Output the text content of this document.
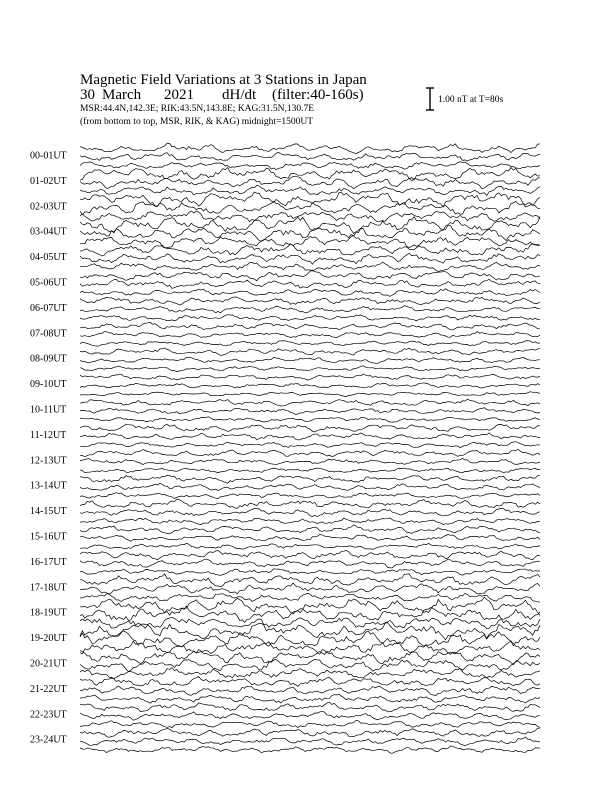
Magnetic Field Variations at 3 Stations in Japan
30 March 2021 dH/dt (filter:40-160s)
MSR:44.4N,142.3E; RIK:43.5N,143.8E; KAG:31.5N,130.7E
(from bottom to top, MSR, RIK, & KAG) midnight=1500UT
1.00 nT at T=80s
00-01UT
01-02UT
02-03UT
03-04UT
04-05UT
05-06UT
06-07UT
07-08UT
08-09UT
09-10UT
10-11UT
11-12UT
12-13UT
13-14UT
14-15UT
15-16UT
16-17UT
17-18UT
18-19UT
19-20UT
20-21UT
21-22UT
22-23UT
23-24UT
